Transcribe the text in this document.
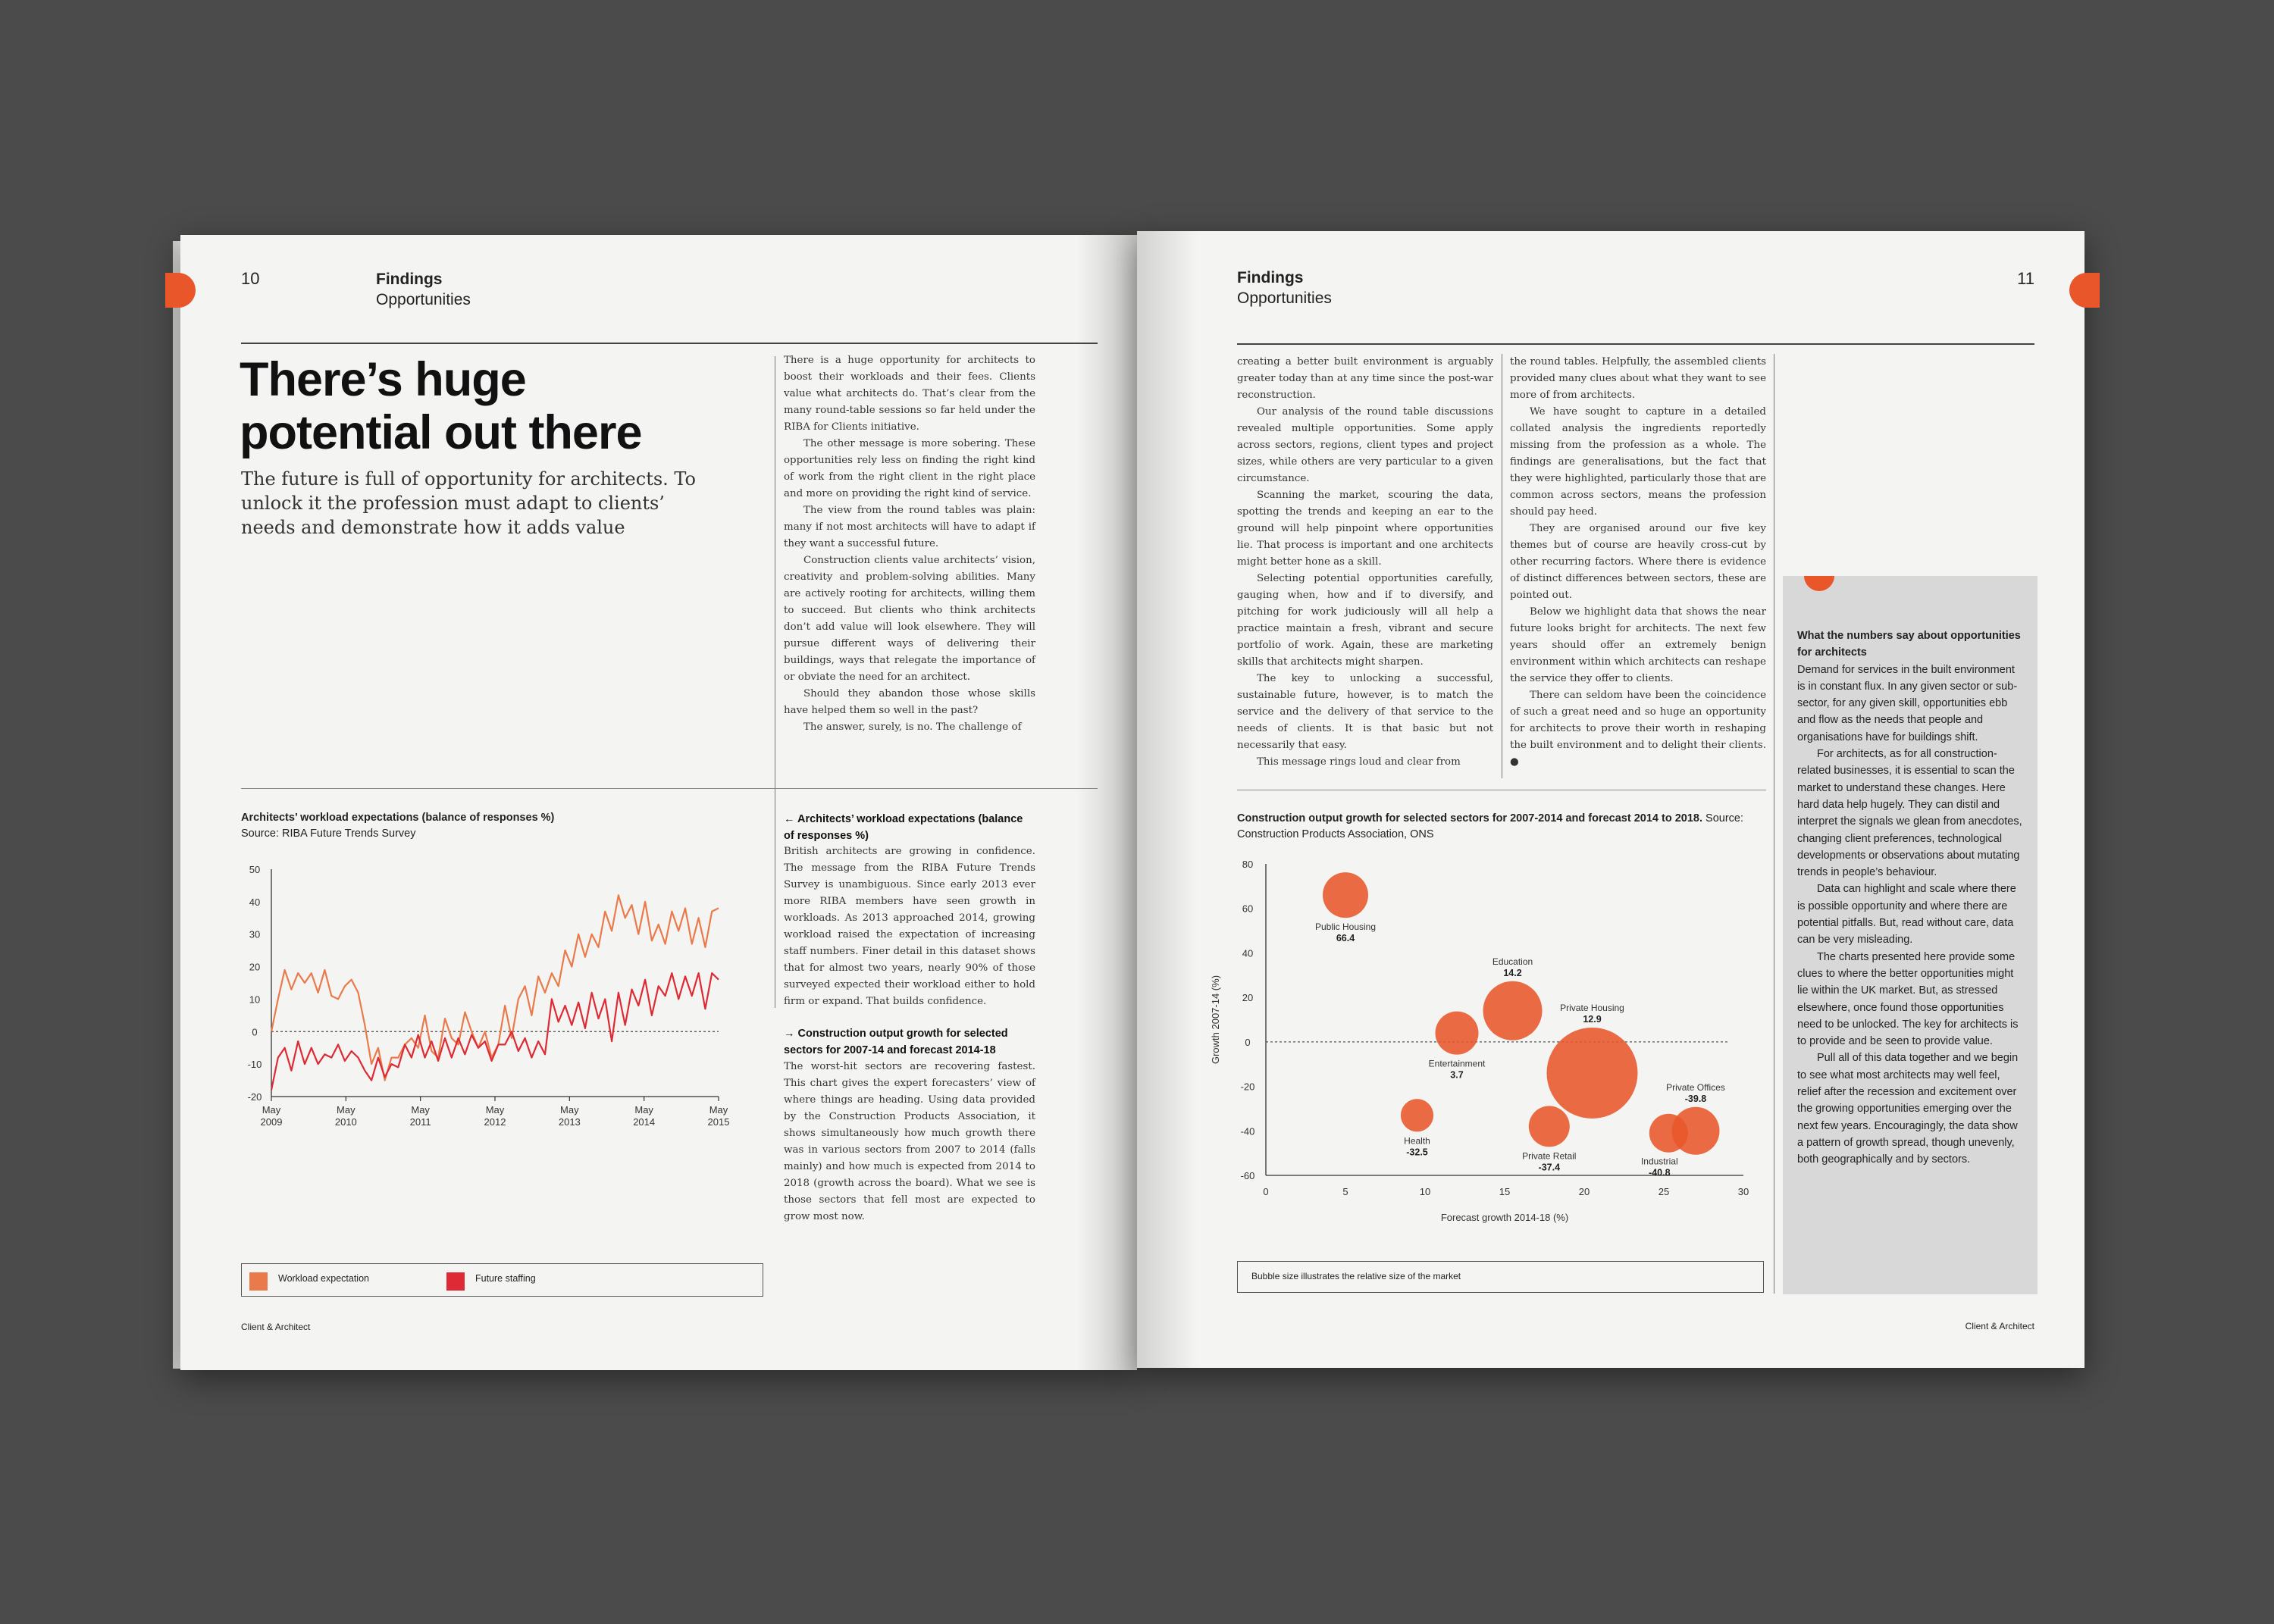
10	Findings
Opportunities
There’s huge potential out there

The future is full of opportunity for architects. To unlock it the profession must adapt to clients’ needs and demonstrate how it adds value

There is a huge opportunity for architects to boost their workloads and their fees. Clients value what architects do. That’s clear from the many round-table sessions so far held under the RIBA for Clients initiative.

The other message is more sobering. These opportunities rely less on finding the right kind of work from the right client in the right place and more on providing the right kind of service.

The view from the round tables was plain: many if not most architects will have to adapt if they want a successful future.

Construction clients value architects’ vision, creativity and problem-solving abilities. Many are actively rooting for architects, willing them to succeed. But clients who think architects don’t add value will look elsewhere. They will pursue different ways of delivering their buildings, ways that relegate the importance of or obviate the need for an architect.

Should they abandon those whose skills have helped them so well in the past?

The answer, surely, is no. The challenge of

Architects’ workload expectations (balance of responses %)
Source: RIBA Future Trends Survey
50
40
30
20
10
0
-10
-20
May 2009
May 2010
May 2011
May 2012
May 2013
May 2014
May 2015
Workload expectation	Future staffing
← Architects’ workload expectations (balance of responses %)
British architects are growing in confidence. The message from the RIBA Future Trends Survey is unambiguous. Since early 2013 ever more RIBA members have seen growth in workloads. As 2013 approached 2014, growing workload raised the expectation of increasing staff numbers. Finer detail in this dataset shows that for almost two years, nearly 90% of those surveyed expected their workload either to hold firm or expand. That builds confidence.
→ Construction output growth for selected sectors for 2007-14 and forecast 2014-18
The worst-hit sectors are recovering fastest. This chart gives the expert forecasters’ view of where things are heading. Using data provided by the Construction Products Association, it shows simultaneously how much growth there was in various sectors from 2007 to 2014 (falls mainly) and how much is expected from 2014 to 2018 (growth across the board). What we see is those sectors that fell most are expected to grow most now.
Client & Architect
Findings
Opportunities
11

creating a better built environment is arguably greater today than at any time since the post-war reconstruction.

Our analysis of the round table discussions revealed multiple opportunities. Some apply across sectors, regions, client types and project sizes, while others are very particular to a given circumstance.

Scanning the market, scouring the data, spotting the trends and keeping an ear to the ground will help pinpoint where opportunities lie. That process is important and one architects might better hone as a skill.

Selecting potential opportunities carefully, gauging when, how and if to diversify, and pitching for work judiciously will all help a practice maintain a fresh, vibrant and secure portfolio of work. Again, these are marketing skills that architects might sharpen.

The key to unlocking a successful, sustainable future, however, is to match the service and the delivery of that service to the needs of clients. It is that basic but not necessarily that easy.

This message rings loud and clear from

the round tables. Helpfully, the assembled clients provided many clues about what they want to see more of from architects.

We have sought to capture in a detailed collated analysis the ingredients reportedly missing from the profession as a whole. The findings are generalisations, but the fact that they were highlighted, particularly those that are common across sectors, means the profession should pay heed.

They are organised around our five key themes but of course are heavily cross-cut by other recurring factors. Where there is evidence of distinct differences between sectors, these are pointed out.

Below we highlight data that shows the near future looks bright for architects. The next few years should offer an extremely benign environment within which architects can reshape the service they offer to clients.

There can seldom have been the coincidence of such a great need and so huge an opportunity for architects to prove their worth in reshaping the built environment and to delight their clients. ●

Construction output growth for selected sectors for 2007-2014 and forecast 2014 to 2018. Source: Construction Products Association, ONS
80
60
40
20
0
-20
-40
-60
0	5	10	15	20	25	30
Forecast growth 2014-18 (%)
Growth 2007-14 (%)
Public Housing
66.4
Education
14.2
Entertainment
3.7
Private Housing
12.9
Health
-32.5	Private Retail
-37.4
Industrial
-40.8
Private Offices
-39.8
Bubble size illustrates the relative size of the market
What the numbers say about opportunities for architects
Demand for services in the built environment is in constant flux. In any given sector or sub-sector, for any given skill, opportunities ebb and flow as the needs that people and organisations have for buildings shift.
For architects, as for all construction-related businesses, it is essential to scan the market to understand these changes. Here hard data help hugely. They can distil and interpret the signals we glean from anecdotes, changing client preferences, technological developments or observations about mutating trends in people’s behaviour.
Data can highlight and scale where there is possible opportunity and where there are potential pitfalls. But, read without care, data can be very misleading.
The charts presented here provide some clues to where the better opportunities might lie within the UK market. But, as stressed elsewhere, once found those opportunities need to be unlocked. The key for architects is to provide and be seen to provide value.
Pull all of this data together and we begin to see what most architects may well feel, relief after the recession and excitement over the growing opportunities emerging over the next few years. Encouragingly, the data show a pattern of growth spread, though unevenly, both geographically and by sectors.
Client & Architect
